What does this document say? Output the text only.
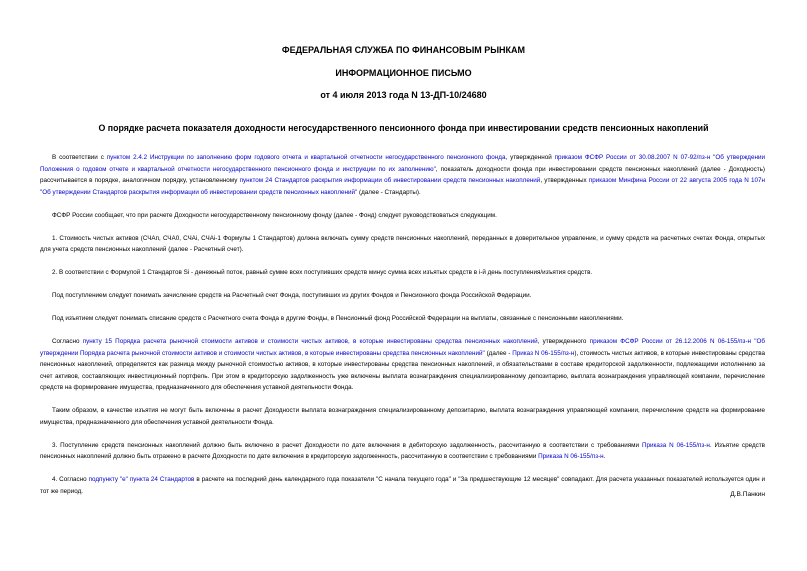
ФЕДЕРАЛЬНАЯ СЛУЖБА ПО ФИНАНСОВЫМ РЫНКАМ
ИНФОРМАЦИОННОЕ ПИСЬМО
от 4 июля 2013 года N 13-ДП-10/24680
О порядке расчета показателя доходности негосударственного пенсионного фонда при инвестировании средств пенсионных накоплений

В соответствии с пунктом 2.4.2 Инструкции по заполнению форм годового отчета и квартальной отчетности негосударственного пенсионного фонда, утвержденной приказом ФСФР России от 30.08.2007 N 07-92/пз-н "Об утверждении Положения о годовом отчете и квартальной отчетности негосударственного пенсионного фонда и инструкции по их заполнению", показатель доходности фонда при инвестировании средств пенсионных накоплений (далее - Доходность) рассчитывается в порядке, аналогичном порядку, установленному пунктом 24 Стандартов раскрытия информации об инвестировании средств пенсионных накоплений, утвержденных приказом Минфина России от 22 августа 2005 года N 107н "Об утверждении Стандартов раскрытия информации об инвестировании средств пенсионных накоплений" (далее - Стандарты).

ФСФР России сообщает, что при расчете Доходности негосударственному пенсионному фонду (далее - Фонд) следует руководствоваться следующим.

1. Стоимость чистых активов (СЧАп, СЧА0, СЧАi, СЧАi-1 Формулы 1 Стандартов) должна включать сумму средств пенсионных накоплений, переданных в доверительное управление, и сумму средств на расчетных счетах Фонда, открытых для учета средств пенсионных накоплений (далее - Расчетный счет).

2. В соответствии с Формулой 1 Стандартов Si - денежный поток, равный сумме всех поступивших средств минус сумма всех изъятых средств в i-й день поступления/изъятия средств.

Под поступлением следует понимать зачисление средств на Расчетный счет Фонда, поступивших из других Фондов и Пенсионного фонда Российской Федерации.

Под изъятием следует понимать списание средств с Расчетного счета Фонда в другие Фонды, в Пенсионный фонд Российской Федерации на выплаты, связанные с пенсионными накоплениями.

Согласно пункту 15 Порядка расчета рыночной стоимости активов и стоимости чистых активов, в которые инвестированы средства пенсионных накоплений, утвержденного приказом ФСФР России от 26.12.2006 N 06-155/пз-н "Об утверждении Порядка расчета рыночной стоимости активов и стоимости чистых активов, в которые инвестированы средства пенсионных накоплений" (далее - Приказ N 06-155/пз-н), стоимость чистых активов, в которые инвестированы средства пенсионных накоплений, определяется как разница между рыночной стоимостью активов, в которые инвестированы средства пенсионных накоплений, и обязательствами в составе кредиторской задолженности, подлежащими исполнению за счет активов, составляющих инвестиционный портфель. При этом в кредиторскую задолженность уже включены выплата вознаграждения специализированному депозитарию, выплата вознаграждения управляющей компании, перечисление средств на формирование имущества, предназначенного для обеспечения уставной деятельности Фонда.

Таким образом, в качестве изъятия не могут быть включены в расчет Доходности выплата вознаграждения специализированному депозитарию, выплата вознаграждения управляющей компании, перечисление средств на формирование имущества, предназначенного для обеспечения уставной деятельности Фонда.

3. Поступление средств пенсионных накоплений должно быть включено в расчет Доходности по дате включения в дебиторскую задолженность, рассчитанную в соответствии с требованиями Приказа N 06-155/пз-н. Изъятие средств пенсионных накоплений должно быть отражено в расчете Доходности по дате включения в кредиторскую задолженность, рассчитанную в соответствии с требованиями Приказа N 06-155/пз-н.

4. Согласно подпункту "е" пункта 24 Стандартов в расчете на последний день календарного года показатели "С начала текущего года" и "За предшествующие 12 месяцев" совпадают. Для расчета указанных показателей используется один и тот же период.	Д.В.Панкин
